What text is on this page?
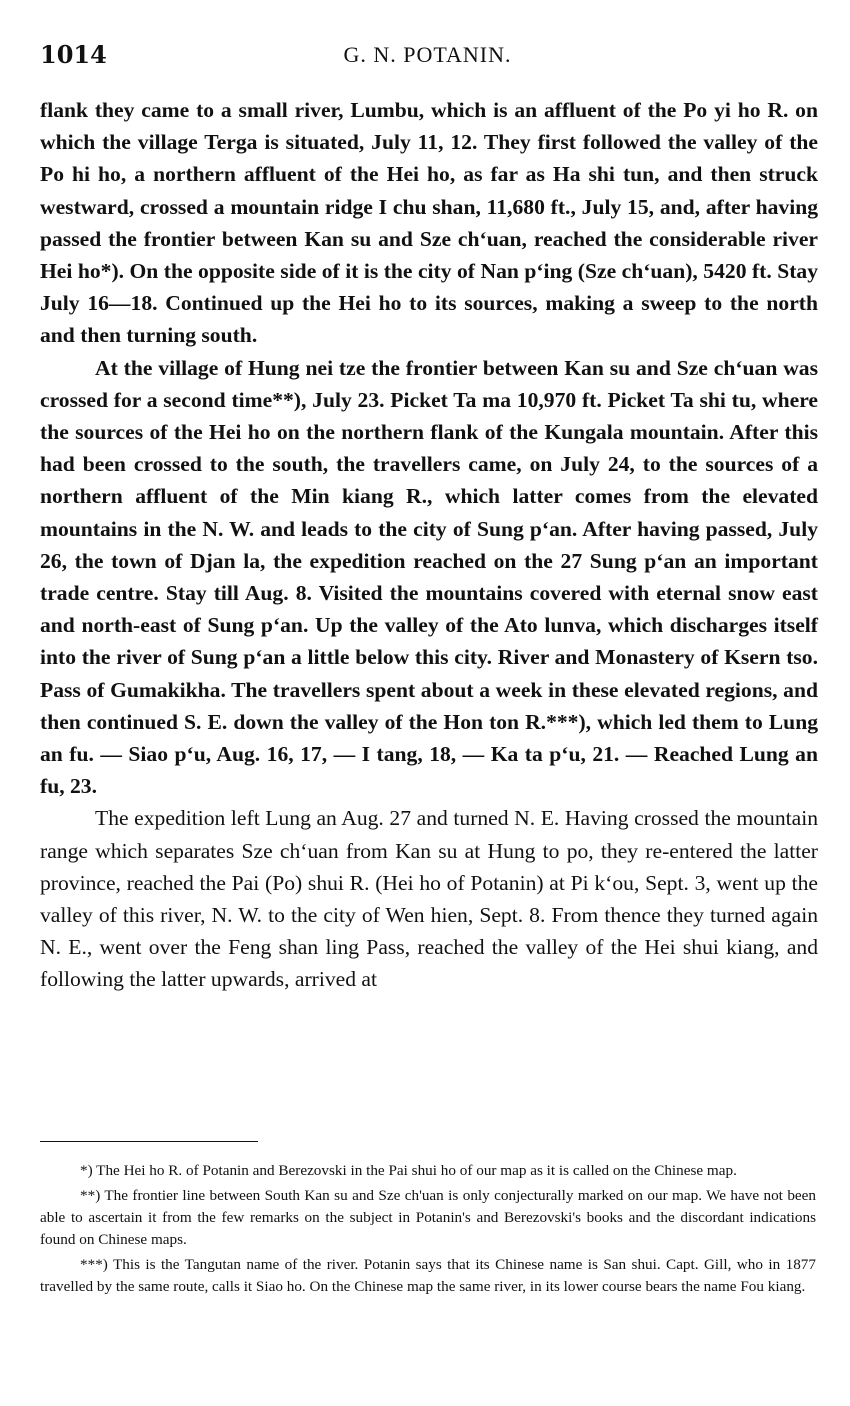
1014	G. N. POTANIN.

flank they came to a small river, Lumbu, which is an affluent of the Po yi ho R. on which the village Terga is situated, July 11, 12. They first followed the valley of the Po hi ho, a northern affluent of the Hei ho, as far as Ha shi tun, and then struck westward, crossed a mountain ridge I chu shan, 11,680 ft., July 15, and, after having passed the frontier between Kan su and Sze chʻuan, reached the considerable river Hei ho*). On the opposite side of it is the city of Nan pʻing (Sze chʻuan), 5420 ft. Stay July 16—18. Continued up the Hei ho to its sources, making a sweep to the north and then turning south.

At the village of Hung nei tze the frontier between Kan su and Sze chʻuan was crossed for a second time**), July 23. Picket Ta ma 10,970 ft. Picket Ta shi tu, where the sources of the Hei ho on the northern flank of the Kungala mountain. After this had been crossed to the south, the travellers came, on July 24, to the sources of a northern affluent of the Min kiang R., which latter comes from the elevated mountains in the N. W. and leads to the city of Sung pʻan. After having passed, July 26, the town of Djan la, the expedition reached on the 27 Sung pʻan an important trade centre. Stay till Aug. 8. Visited the mountains covered with eternal snow east and north-east of Sung pʻan. Up the valley of the Ato lunva, which discharges itself into the river of Sung pʻan a little below this city. River and Monastery of Ksern tso. Pass of Gumakikha. The travellers spent about a week in these elevated regions, and then continued S. E. down the valley of the Hon ton R.***), which led them to Lung an fu. — Siao pʻu, Aug. 16, 17, — I tang, 18, — Ka ta pʻu, 21. — Reached Lung an fu, 23.

The expedition left Lung an Aug. 27 and turned N. E. Having crossed the mountain range which separates Sze chʻuan from Kan su at Hung to po, they re-entered the latter province, reached the Pai (Po) shui R. (Hei ho of Potanin) at Pi kʻou, Sept. 3, went up the valley of this river, N. W. to the city of Wen hien, Sept. 8. From thence they turned again N. E., went over the Feng shan ling Pass, reached the valley of the Hei shui kiang, and following the latter upwards, arrived at

*) The Hei ho R. of Potanin and Berezovski in the Pai shui ho of our map as it is called on the Chinese map.

**) The frontier line between South Kan su and Sze ch'uan is only conjecturally marked on our map. We have not been able to ascertain it from the few remarks on the subject in Potanin's and Berezovski's books and the discordant indications found on Chinese maps.

***) This is the Tangutan name of the river. Potanin says that its Chinese name is San shui. Capt. Gill, who in 1877 travelled by the same route, calls it Siao ho. On the Chinese map the same river, in its lower course bears the name Fou kiang.
